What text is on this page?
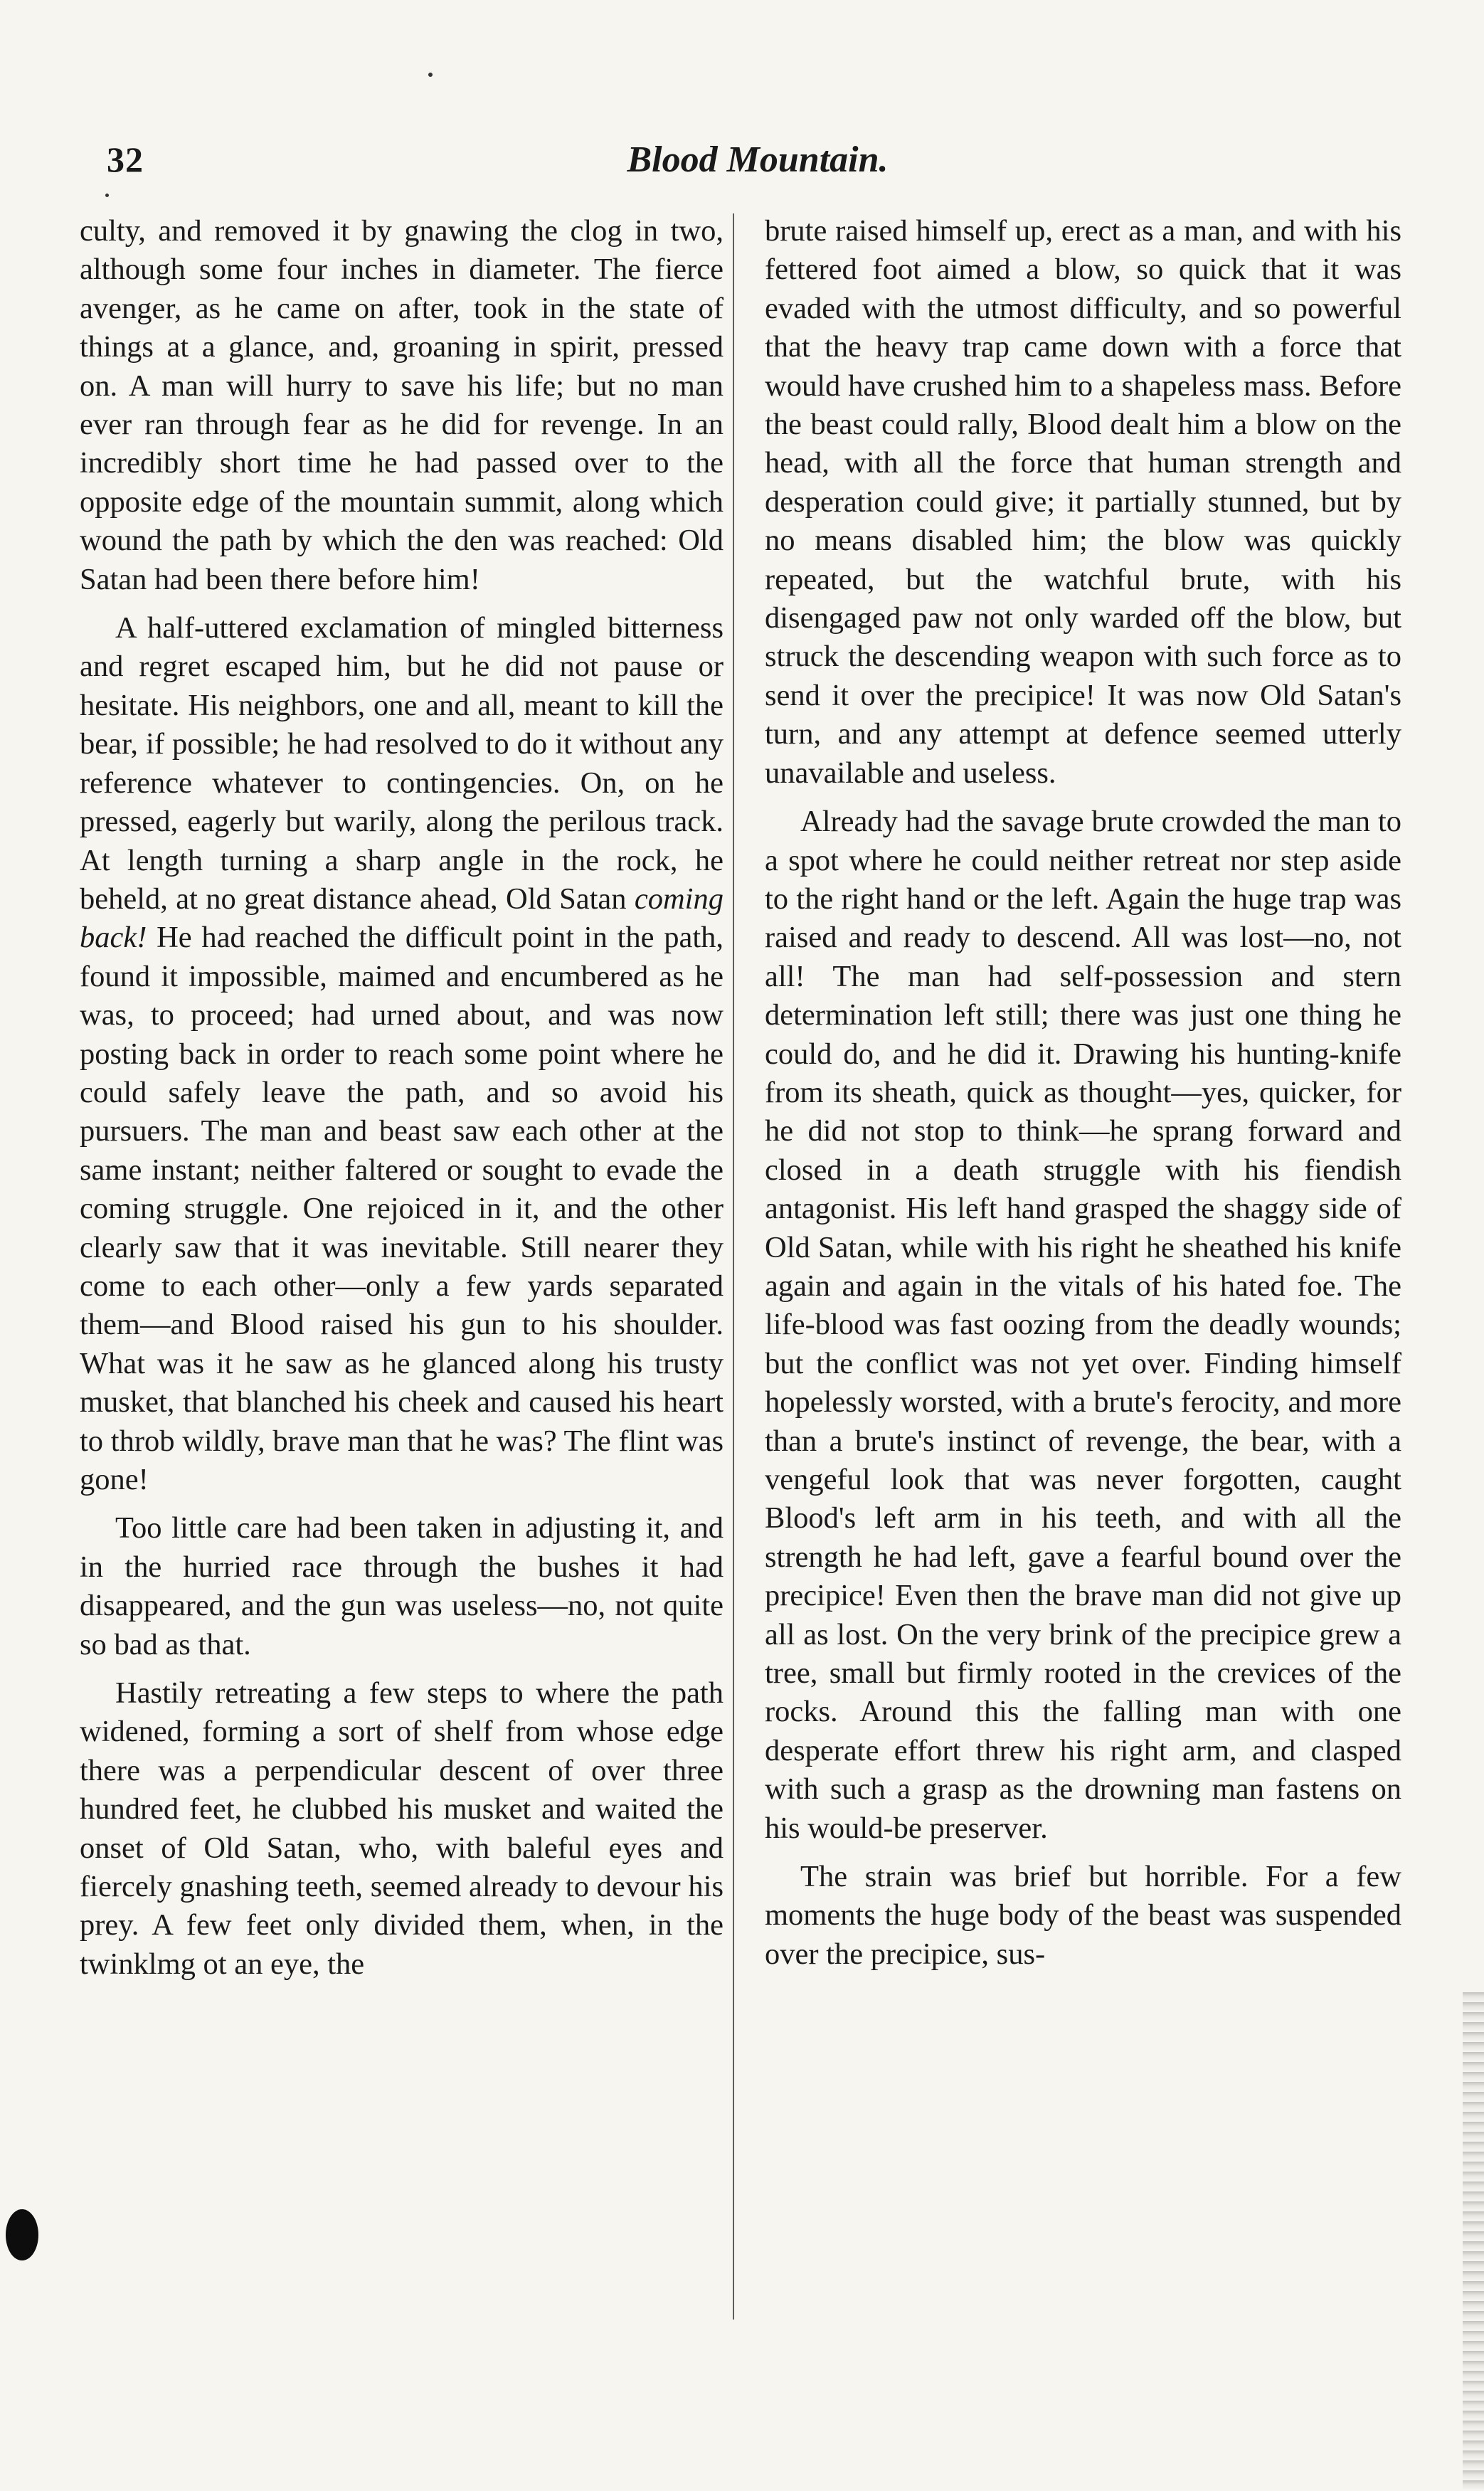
32	Blood Mountain.

culty, and removed it by gnawing the clog in two, although some four inches in diameter. The fierce avenger, as he came on after, took in the state of things at a glance, and, groaning in spirit, pressed on. A man will hurry to save his life; but no man ever ran through fear as he did for revenge. In an incredibly short time he had passed over to the opposite edge of the mountain summit, along which wound the path by which the den was reached: Old Satan had been there before him!

A half-uttered exclamation of mingled bitterness and regret escaped him, but he did not pause or hesitate. His neighbors, one and all, meant to kill the bear, if possible; he had resolved to do it without any reference whatever to contingencies. On, on he pressed, eagerly but warily, along the perilous track. At length turning a sharp angle in the rock, he beheld, at no great distance ahead, Old Satan coming back! He had reached the difficult point in the path, found it impossible, maimed and encumbered as he was, to proceed; had urned about, and was now posting back in order to reach some point where he could safely leave the path, and so avoid his pursuers. The man and beast saw each other at the same instant; neither faltered or sought to evade the coming struggle. One rejoiced in it, and the other clearly saw that it was inevitable. Still nearer they come to each other—only a few yards separated them—and Blood raised his gun to his shoulder. What was it he saw as he glanced along his trusty musket, that blanched his cheek and caused his heart to throb wildly, brave man that he was? The flint was gone!

Too little care had been taken in adjusting it, and in the hurried race through the bushes it had disappeared, and the gun was useless—no, not quite so bad as that.

Hastily retreating a few steps to where the path widened, forming a sort of shelf from whose edge there was a perpendicular descent of over three hundred feet, he clubbed his musket and waited the onset of Old Satan, who, with baleful eyes and fiercely gnashing teeth, seemed already to devour his prey. A few feet only divided them, when, in the twinklmg ot an eye, the

brute raised himself up, erect as a man, and with his fettered foot aimed a blow, so quick that it was evaded with the utmost difficulty, and so powerful that the heavy trap came down with a force that would have crushed him to a shapeless mass. Before the beast could rally, Blood dealt him a blow on the head, with all the force that human strength and desperation could give; it partially stunned, but by no means disabled him; the blow was quickly repeated, but the watchful brute, with his disengaged paw not only warded off the blow, but struck the descending weapon with such force as to send it over the precipice! It was now Old Satan's turn, and any attempt at defence seemed utterly unavailable and useless.

Already had the savage brute crowded the man to a spot where he could neither retreat nor step aside to the right hand or the left. Again the huge trap was raised and ready to descend. All was lost—no, not all! The man had self-possession and stern determination left still; there was just one thing he could do, and he did it. Drawing his hunting-knife from its sheath, quick as thought—yes, quicker, for he did not stop to think—he sprang forward and closed in a death struggle with his fiendish antagonist. His left hand grasped the shaggy side of Old Satan, while with his right he sheathed his knife again and again in the vitals of his hated foe. The life-blood was fast oozing from the deadly wounds; but the conflict was not yet over. Finding himself hopelessly worsted, with a brute's ferocity, and more than a brute's instinct of revenge, the bear, with a vengeful look that was never forgotten, caught Blood's left arm in his teeth, and with all the strength he had left, gave a fearful bound over the precipice! Even then the brave man did not give up all as lost. On the very brink of the precipice grew a tree, small but firmly rooted in the crevices of the rocks. Around this the falling man with one desperate effort threw his right arm, and clasped with such a grasp as the drowning man fastens on his would-be preserver.

The strain was brief but horrible. For a few moments the huge body of the beast was suspended over the precipice, sus-
